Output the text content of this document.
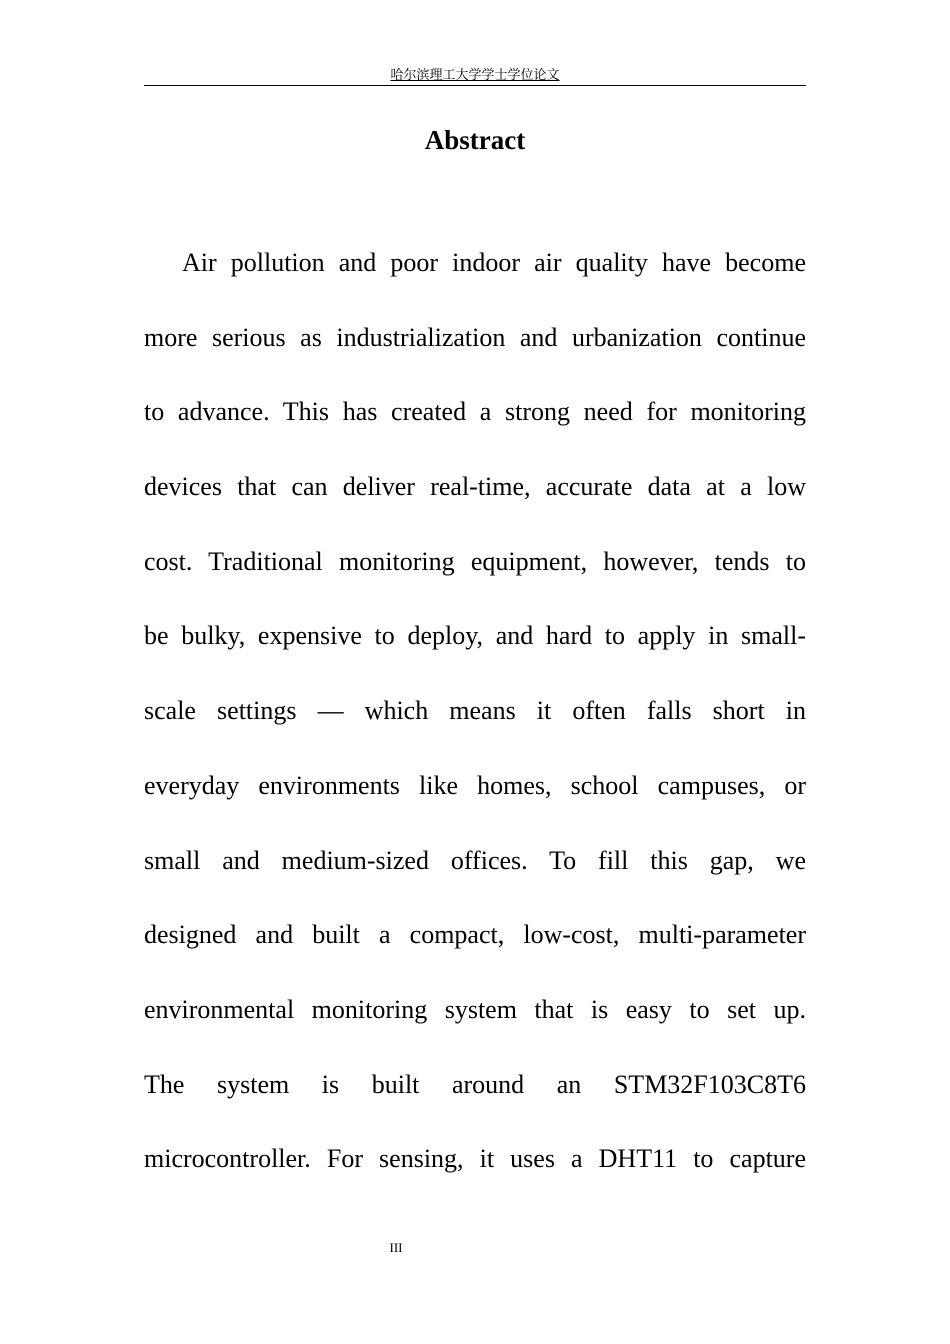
哈尔滨理工大学学士学位论文
Abstract
Air pollution and poor indoor air quality have become
more serious as industrialization and urbanization continue
to advance. This has created a strong need for monitoring
devices that can deliver real-time, accurate data at a low
cost. Traditional monitoring equipment, however, tends to
be bulky, expensive to deploy, and hard to apply in small-
scale settings — which means it often falls short in
everyday environments like homes, school campuses, or
small and medium-sized offices. To fill this gap, we
designed and built a compact, low-cost, multi-parameter
environmental monitoring system that is easy to set up.
The system is built around an STM32F103C8T6
microcontroller. For sensing, it uses a DHT11 to capture
III
